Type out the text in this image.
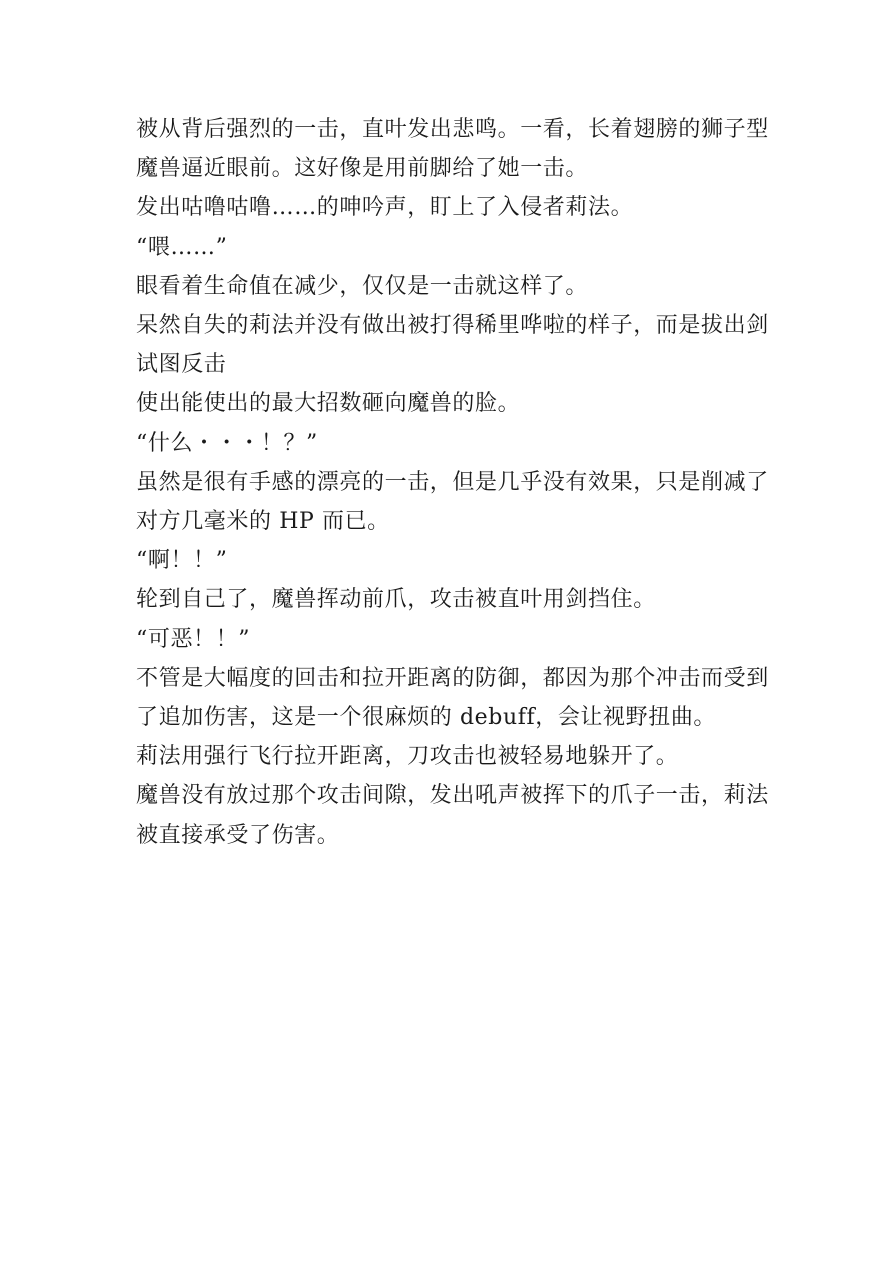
被从背后强烈的一击，直叶发出悲鸣。一看，长着翅膀的狮子型魔兽逼近眼前。这好像是用前脚给了她一击。

发出咕噜咕噜……的呻吟声，盯上了入侵者莉法。

“喂……”

眼看着生命值在减少，仅仅是一击就这样了。

呆然自失的莉法并没有做出被打得稀里哗啦的样子，而是拔出剑试图反击

使出能使出的最大招数砸向魔兽的脸。

“什么・・・！？”

虽然是很有手感的漂亮的一击，但是几乎没有效果，只是削减了对方几毫米的 HP 而已。

“啊！！”

轮到自己了，魔兽挥动前爪，攻击被直叶用剑挡住。

“可恶！！”

不管是大幅度的回击和拉开距离的防御，都因为那个冲击而受到了追加伤害，这是一个很麻烦的 debuff，会让视野扭曲。

莉法用强行飞行拉开距离，刀攻击也被轻易地躲开了。

魔兽没有放过那个攻击间隙，发出吼声被挥下的爪子一击，莉法被直接承受了伤害。
